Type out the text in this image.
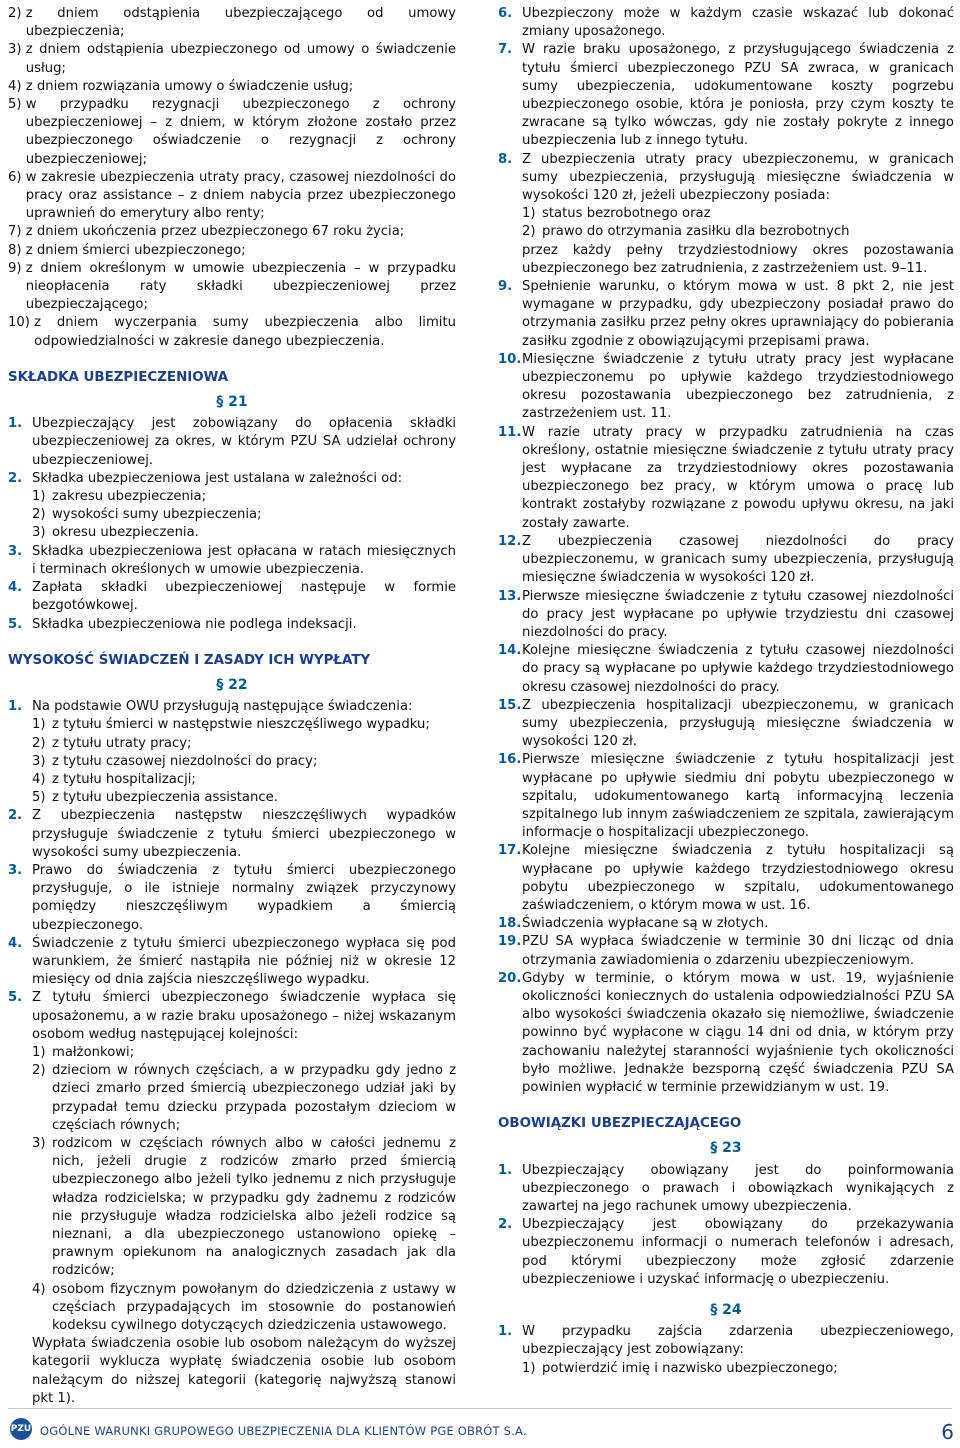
2) z dniem odstąpienia ubezpieczającego od umowy ubezpieczenia;
3) z dniem odstąpienia ubezpieczonego od umowy o świadczenie usług;
4) z dniem rozwiązania umowy o świadczenie usług;
5) w przypadku rezygnacji ubezpieczonego z ochrony ubezpieczeniowej – z dniem, w którym złożone zostało przez ubezpieczonego oświadczenie o rezygnacji z ochrony ubezpieczeniowej;
6) w zakresie ubezpieczenia utraty pracy, czasowej niezdolności do pracy oraz assistance – z dniem nabycia przez ubezpieczonego uprawnień do emerytury albo renty;
7) z dniem ukończenia przez ubezpieczonego 67 roku życia;
8) z dniem śmierci ubezpieczonego;
9) z dniem określonym w umowie ubezpieczenia – w przypadku nieopłacenia raty składki ubezpieczeniowej przez ubezpieczającego;
10) z dniem wyczerpania sumy ubezpieczenia albo limitu odpowiedzialności w zakresie danego ubezpieczenia.
SKŁADKA UBEZPIECZENIOWA
§ 21
1. Ubezpieczający jest zobowiązany do opłacenia składki ubezpieczeniowej za okres, w którym PZU SA udzielał ochrony ubezpieczeniowej.
2. Składka ubezpieczeniowa jest ustalana w zależności od:
1) zakresu ubezpieczenia;
2) wysokości sumy ubezpieczenia;
3) okresu ubezpieczenia.
3. Składka ubezpieczeniowa jest opłacana w ratach miesięcznych i terminach określonych w umowie ubezpieczenia.
4. Zapłata składki ubezpieczeniowej następuje w formie bezgotówkowej.
5. Składka ubezpieczeniowa nie podlega indeksacji.
WYSOKOŚĆ ŚWIADCZEŃ I ZASADY ICH WYPŁATY
§ 22
1. Na podstawie OWU przysługują następujące świadczenia:
1) z tytułu śmierci w następstwie nieszczęśliwego wypadku;
2) z tytułu utraty pracy;
3) z tytułu czasowej niezdolności do pracy;
4) z tytułu hospitalizacji;
5) z tytułu ubezpieczenia assistance.
2. Z ubezpieczenia następstw nieszczęśliwych wypadków przysługuje świadczenie z tytułu śmierci ubezpieczonego w wysokości sumy ubezpieczenia.
3. Prawo do świadczenia z tytułu śmierci ubezpieczonego przysługuje, o ile istnieje normalny związek przyczynowy pomiędzy nieszczęśliwym wypadkiem a śmiercią ubezpieczonego.
4. Świadczenie z tytułu śmierci ubezpieczonego wypłaca się pod warunkiem, że śmierć nastąpiła nie później niż w okresie 12 miesięcy od dnia zajścia nieszczęśliwego wypadku.
5. Z tytułu śmierci ubezpieczonego świadczenie wypłaca się uposażonemu, a w razie braku uposażonego – niżej wskazanym osobom według następującej kolejności:
1) małżonkowi;
2) dzieciom w równych częściach, a w przypadku gdy jedno z dzieci zmarło przed śmiercią ubezpieczonego udział jaki by przypadał temu dziecku przypada pozostałym dzieciom w częściach równych;
3) rodzicom w częściach równych albo w całości jednemu z nich, jeżeli drugie z rodziców zmarło przed śmiercią ubezpieczonego albo jeżeli tylko jednemu z nich przysługuje władza rodzicielska; w przypadku gdy żadnemu z rodziców nie przysługuje władza rodzicielska albo jeżeli rodzice są nieznani, a dla ubezpieczonego ustanowiono opiekę – prawnym opiekunom na analogicznych zasadach jak dla rodziców;
4) osobom fizycznym powołanym do dziedziczenia z ustawy w częściach przypadających im stosownie do postanowień kodeksu cywilnego dotyczących dziedziczenia ustawowego.

Wypłata świadczenia osobie lub osobom należącym do wyższej kategorii wyklucza wypłatę świadczenia osobie lub osobom należącym do niższej kategorii (kategorię najwyższą stanowi pkt 1).

6. Ubezpieczony może w każdym czasie wskazać lub dokonać zmiany uposażonego.
7. W razie braku uposażonego, z przysługującego świadczenia z tytułu śmierci ubezpieczonego PZU SA zwraca, w granicach sumy ubezpieczenia, udokumentowane koszty pogrzebu ubezpieczonego osobie, która je poniosła, przy czym koszty te zwracane są tylko wówczas, gdy nie zostały pokryte z innego ubezpieczenia lub z innego tytułu.
8. Z ubezpieczenia utraty pracy ubezpieczonemu, w granicach sumy ubezpieczenia, przysługują miesięczne świadczenia w wysokości 120 zł, jeżeli ubezpieczony posiada:
1) status bezrobotnego oraz
2) prawo do otrzymania zasiłku dla bezrobotnych

przez każdy pełny trzydziestodniowy okres pozostawania ubezpieczonego bez zatrudnienia, z zastrzeżeniem ust. 9–11.

9. Spełnienie warunku, o którym mowa w ust. 8 pkt 2, nie jest wymagane w przypadku, gdy ubezpieczony posiadał prawo do otrzymania zasiłku przez pełny okres uprawniający do pobierania zasiłku zgodnie z obowiązującymi przepisami prawa.
10. Miesięczne świadczenie z tytułu utraty pracy jest wypłacane ubezpieczonemu po upływie każdego trzydziestodniowego okresu pozostawania ubezpieczonego bez zatrudnienia, z zastrzeżeniem ust. 11.
11. W razie utraty pracy w przypadku zatrudnienia na czas określony, ostatnie miesięczne świadczenie z tytułu utraty pracy jest wypłacane za trzydziestodniowy okres pozostawania ubezpieczonego bez pracy, w którym umowa o pracę lub kontrakt zostałyby rozwiązane z powodu upływu okresu, na jaki zostały zawarte.
12. Z ubezpieczenia czasowej niezdolności do pracy ubezpieczonemu, w granicach sumy ubezpieczenia, przysługują miesięczne świadczenia w wysokości 120 zł.
13. Pierwsze miesięczne świadczenie z tytułu czasowej niezdolności do pracy jest wypłacane po upływie trzydziestu dni czasowej niezdolności do pracy.
14. Kolejne miesięczne świadczenia z tytułu czasowej niezdolności do pracy są wypłacane po upływie każdego trzydziestodniowego okresu czasowej niezdolności do pracy.
15. Z ubezpieczenia hospitalizacji ubezpieczonemu, w granicach sumy ubezpieczenia, przysługują miesięczne świadczenia w wysokości 120 zł.
16. Pierwsze miesięczne świadczenie z tytułu hospitalizacji jest wypłacane po upływie siedmiu dni pobytu ubezpieczonego w szpitalu, udokumentowanego kartą informacyjną leczenia szpitalnego lub innym zaświadczeniem ze szpitala, zawierającym informacje o hospitalizacji ubezpieczonego.
17. Kolejne miesięczne świadczenia z tytułu hospitalizacji są wypłacane po upływie każdego trzydziestodniowego okresu pobytu ubezpieczonego w szpitalu, udokumentowanego zaświadczeniem, o którym mowa w ust. 16.
18. Świadczenia wypłacane są w złotych.
19. PZU SA wypłaca świadczenie w terminie 30 dni licząc od dnia otrzymania zawiadomienia o zdarzeniu ubezpieczeniowym.
20. Gdyby w terminie, o którym mowa w ust. 19, wyjaśnienie okoliczności koniecznych do ustalenia odpowiedzialności PZU SA albo wysokości świadczenia okazało się niemożliwe, świadczenie powinno być wypłacone w ciągu 14 dni od dnia, w którym przy zachowaniu należytej staranności wyjaśnienie tych okoliczności było możliwe. Jednakże bezsporną część świadczenia PZU SA powinien wypłacić w terminie przewidzianym w ust. 19.
OBOWIĄZKI UBEZPIECZAJĄCEGO
§ 23
1. Ubezpieczający obowiązany jest do poinformowania ubezpieczonego o prawach i obowiązkach wynikających z zawartej na jego rachunek umowy ubezpieczenia.
2. Ubezpieczający jest obowiązany do przekazywania ubezpieczonemu informacji o numerach telefonów i adresach, pod którymi ubezpieczony może zgłosić zdarzenie ubezpieczeniowe i uzyskać informację o ubezpieczeniu.
§ 24
1. W przypadku zajścia zdarzenia ubezpieczeniowego, ubezpieczający jest zobowiązany:
1) potwierdzić imię i nazwisko ubezpieczonego;
PZU OGÓLNE WARUNKI GRUPOWEGO UBEZPIECZENIA DLA KLIENTÓW PGE OBRÓT S.A.	6
